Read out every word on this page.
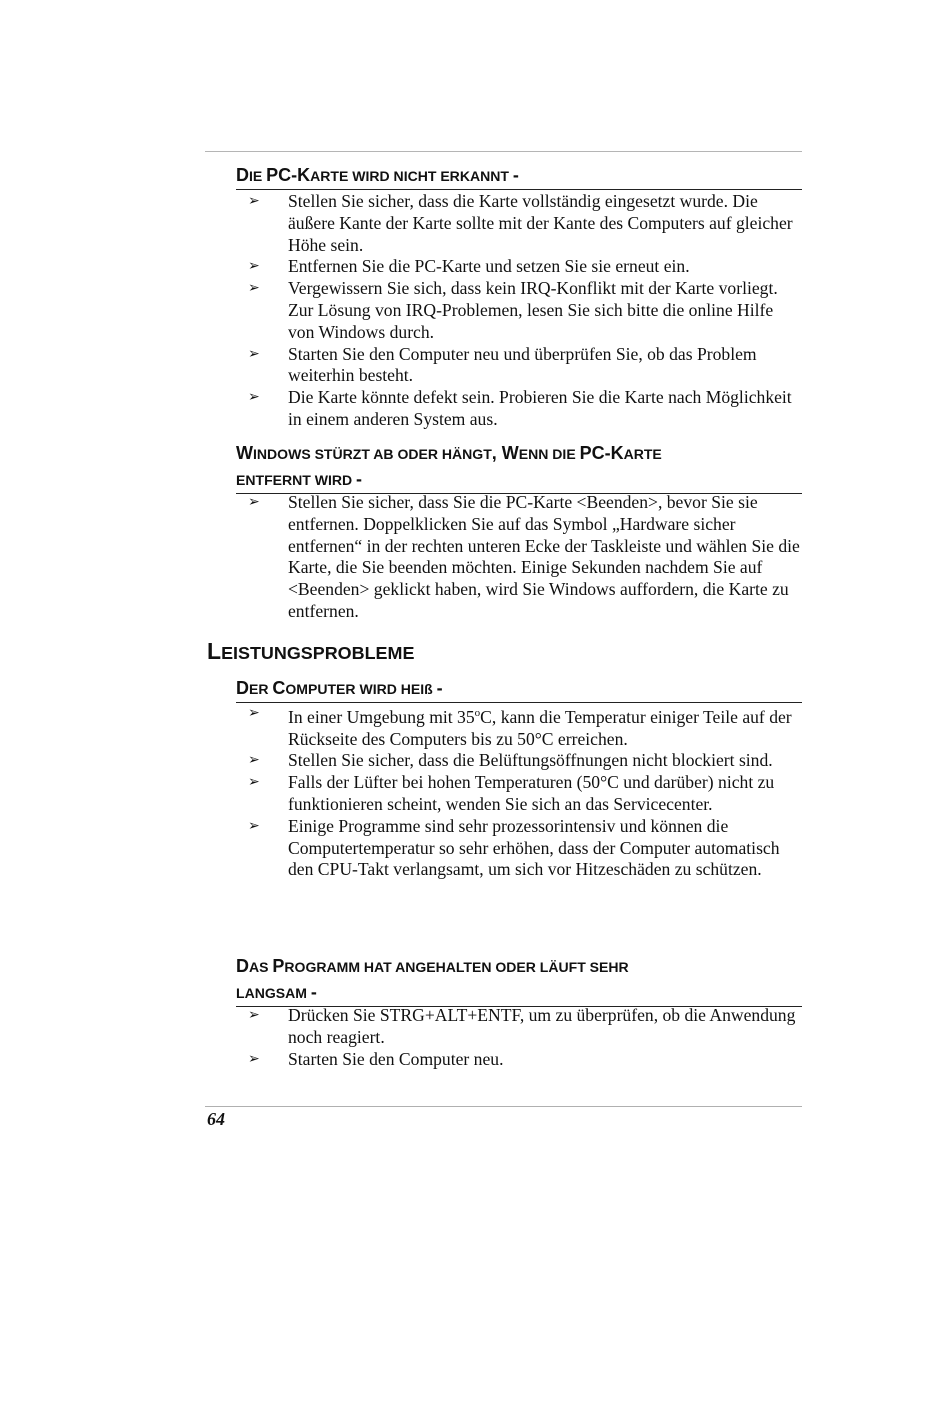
DIE PC-KARTE WIRD NICHT ERKANNT -
➢ Stellen Sie sicher, dass die Karte vollständig eingesetzt wurde. Die äußere Kante der Karte sollte mit der Kante des Computers auf gleicher Höhe sein.
➢ Entfernen Sie die PC-Karte und setzen Sie sie erneut ein.
➢ Vergewissern Sie sich, dass kein IRQ-Konflikt mit der Karte vorliegt. Zur Lösung von IRQ-Problemen, lesen Sie sich bitte die online Hilfe von Windows durch.
➢ Starten Sie den Computer neu und überprüfen Sie, ob das Problem weiterhin besteht.
➢ Die Karte könnte defekt sein. Probieren Sie die Karte nach Möglichkeit in einem anderen System aus.
WINDOWS STÜRZT AB ODER HÄNGT, WENN DIE PC-KARTE
ENTFERNT WIRD -
➢ Stellen Sie sicher, dass Sie die PC-Karte <Beenden>, bevor Sie sie entfernen. Doppelklicken Sie auf das Symbol „Hardware sicher entfernen“ in der rechten unteren Ecke der Taskleiste und wählen Sie die Karte, die Sie beenden möchten. Einige Sekunden nachdem Sie auf <Beenden> geklickt haben, wird Sie Windows auffordern, die Karte zu entfernen.
LEISTUNGSPROBLEME
DER COMPUTER WIRD HEIß -
➢ In einer Umgebung mit 35$^o$C, kann die Temperatur einiger Teile auf der Rückseite des Computers bis zu 50°C erreichen.
➢ Stellen Sie sicher, dass die Belüftungsöffnungen nicht blockiert sind.
➢ Falls der Lüfter bei hohen Temperaturen (50°C und darüber) nicht zu funktionieren scheint, wenden Sie sich an das Servicecenter.
➢ Einige Programme sind sehr prozessorintensiv und können die Computertemperatur so sehr erhöhen, dass der Computer automatisch den CPU-Takt verlangsamt, um sich vor Hitzeschäden zu schützen.
DAS PROGRAMM HAT ANGEHALTEN ODER LÄUFT SEHR
LANGSAM -
➢ Drücken Sie STRG+ALT+ENTF, um zu überprüfen, ob die Anwendung noch reagiert.
➢ Starten Sie den Computer neu.
64
